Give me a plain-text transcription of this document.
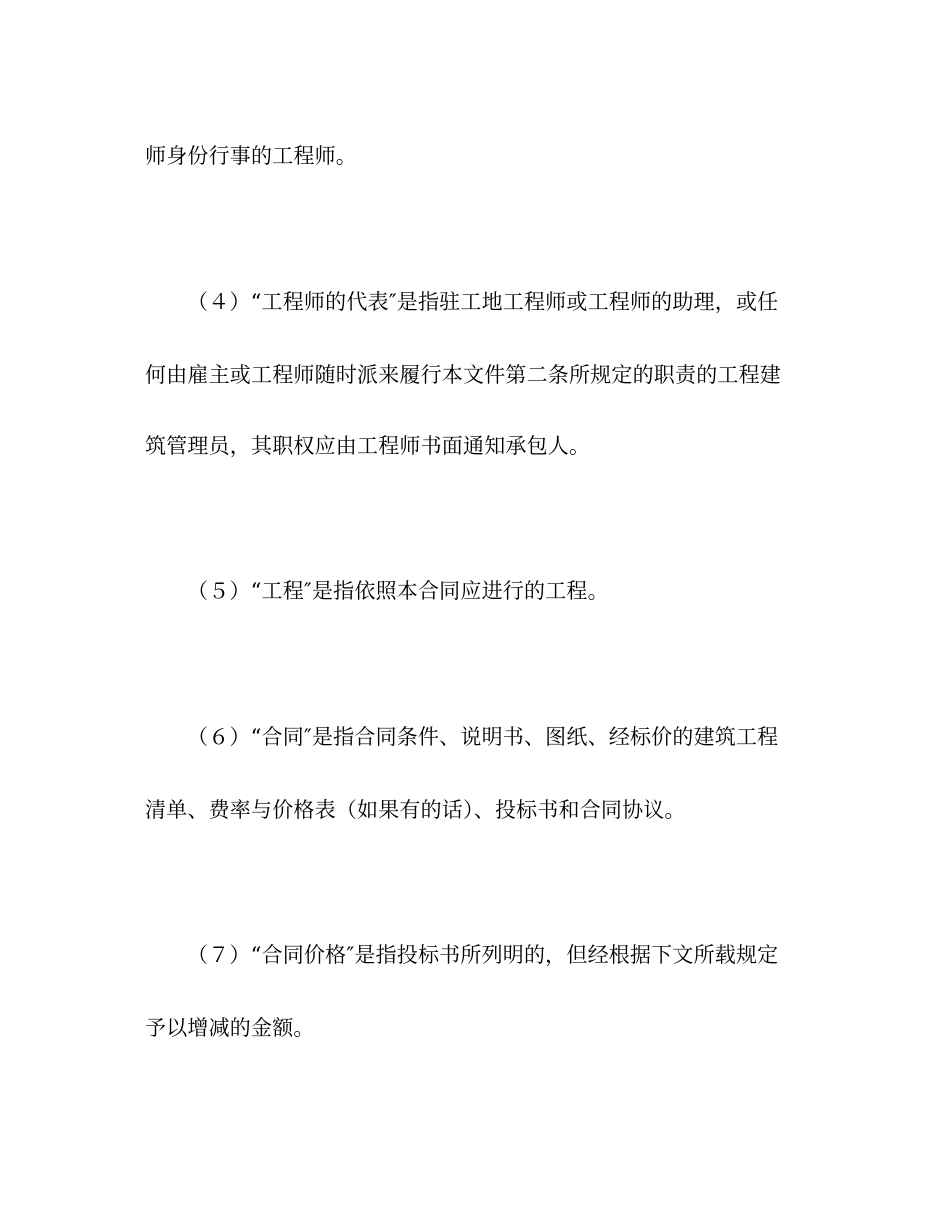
师身份行事的工程师。
（４）“工程师的代表″是指驻工地工程师或工程师的助理，或任
何由雇主或工程师随时派来履行本文件第二条所规定的职责的工程建
筑管理员，其职权应由工程师书面通知承包人。
（５）“工程″是指依照本合同应进行的工程。
（６）“合同″是指合同条件、说明书、图纸、经标价的建筑工程
清单、费率与价格表（如果有的话）、投标书和合同协议。
（７）“合同价格″是指投标书所列明的，但经根据下文所载规定
予以增减的金额。
